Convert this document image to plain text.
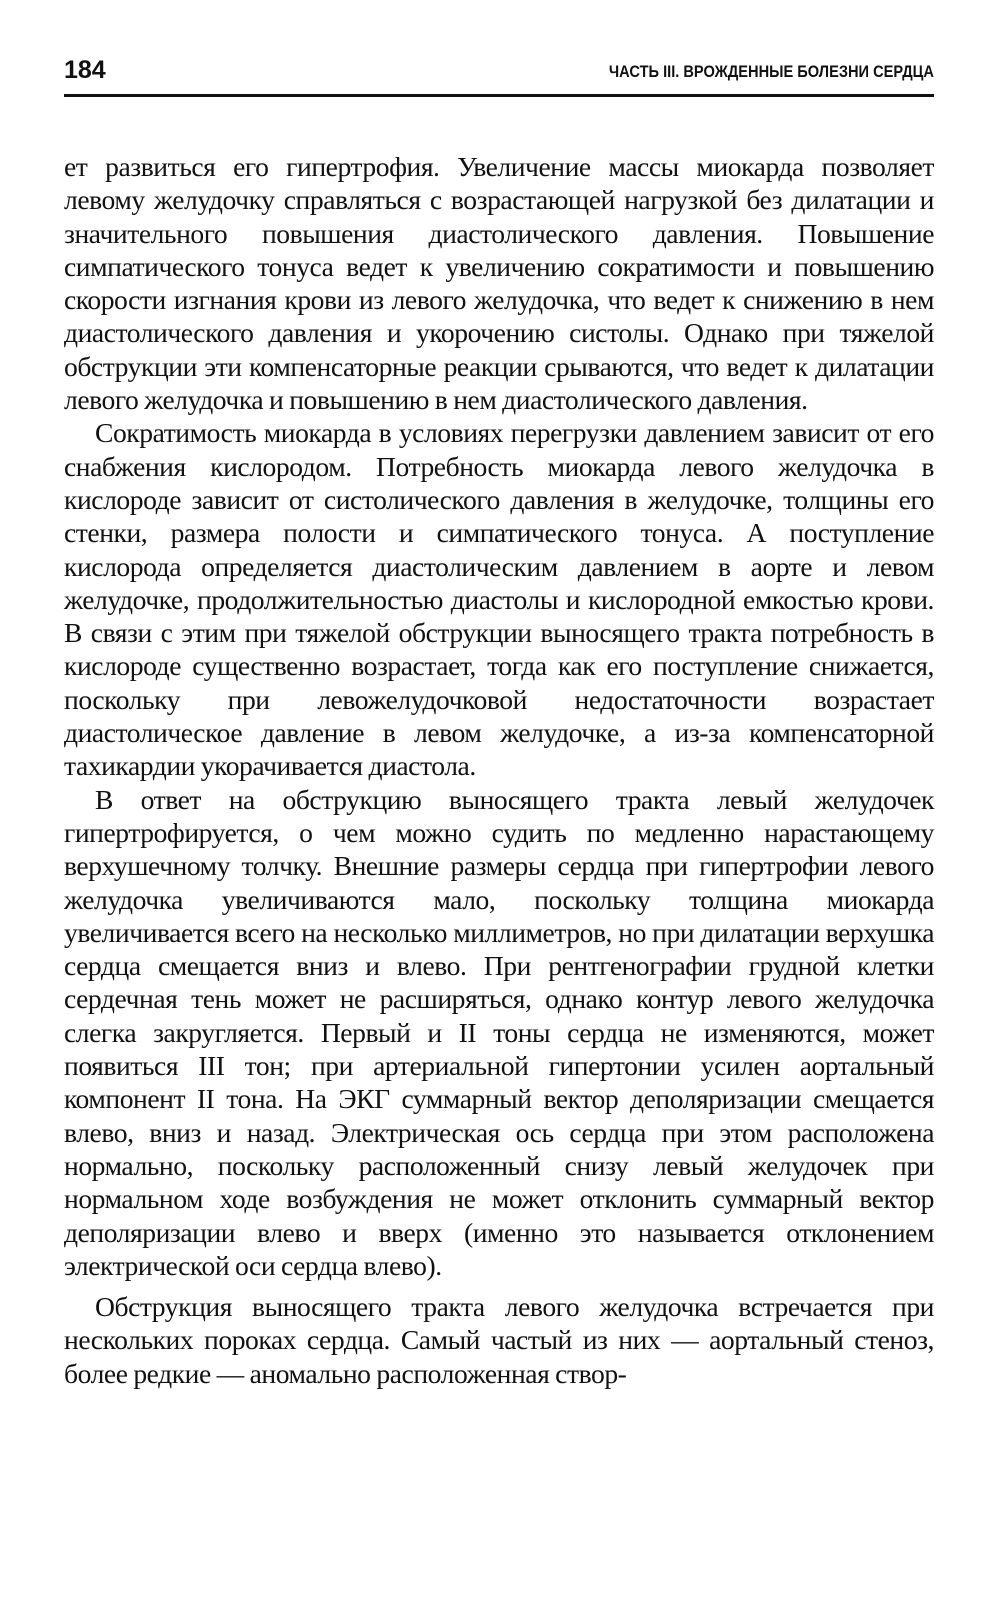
184	ЧАСТЬ III. ВРОЖДЕННЫЕ БОЛЕЗНИ СЕРДЦА

ет развиться его гипертрофия. Увеличение массы миокарда позволяет левому желудочку справляться с возрастающей нагрузкой без дилатации и значительного повышения диастолического давления. Повышение симпатического тонуса ведет к увеличению сократимости и повышению скорости изгнания крови из левого желудочка, что ведет к снижению в нем диастолического давления и укорочению систолы. Однако при тяжелой обструкции эти компенсаторные реакции срываются, что ведет к дилатации левого желудочка и повышению в нем диастолического давления.

Сократимость миокарда в условиях перегрузки давлением зависит от его снабжения кислородом. Потребность миокарда левого желудочка в кислороде зависит от систолического давления в желудочке, толщины его стенки, размера полости и симпатического тонуса. А поступление кислорода определяется диастолическим давлением в аорте и левом желудочке, продолжительностью диастолы и кислородной емкостью крови. В связи с этим при тяжелой обструкции выносящего тракта потребность в кислороде существенно возрастает, тогда как его поступление снижается, поскольку при левожелудочковой недостаточности возрастает диастолическое давление в левом желудочке, а из-за компенсаторной тахикардии укорачивается диастола.

В ответ на обструкцию выносящего тракта левый желудочек гипертрофируется, о чем можно судить по медленно нарастающему верхушечному толчку. Внешние размеры сердца при гипертрофии левого желудочка увеличиваются мало, поскольку толщина миокарда увеличивается всего на несколько миллиметров, но при дилатации верхушка сердца смещается вниз и влево. При рентгенографии грудной клетки сердечная тень может не расширяться, однако контур левого желудочка слегка закругляется. Первый и II тоны сердца не изменяются, может появиться III тон; при артериальной гипертонии усилен аортальный компонент II тона. На ЭКГ суммарный вектор деполяризации смещается влево, вниз и назад. Электрическая ось сердца при этом расположена нормально, поскольку расположенный снизу левый желудочек при нормальном ходе возбуждения не может отклонить суммарный вектор деполяризации влево и вверх (именно это называется отклонением электрической оси сердца влево).

Обструкция выносящего тракта левого желудочка встречается при нескольких пороках сердца. Самый частый из них — аортальный стеноз, более редкие — аномально расположенная створ-
